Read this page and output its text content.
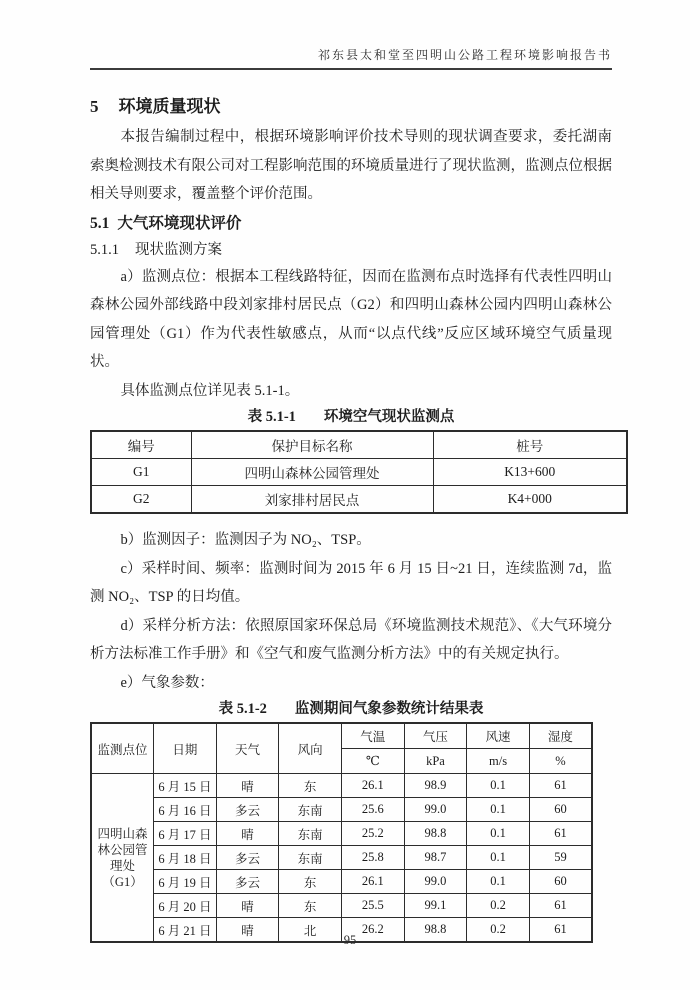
祁东县太和堂至四明山公路工程环境影响报告书
5 环境质量现状

本报告编制过程中，根据环境影响评价技术导则的现状调查要求，委托湖南索奥检测技术有限公司对工程影响范围的环境质量进行了现状监测，监测点位根据相关导则要求，覆盖整个评价范围。

5.1 大气环境现状评价
5.1.1 现状监测方案

a）监测点位：根据本工程线路特征，因而在监测布点时选择有代表性四明山森林公园外部线路中段刘家排村居民点（G2）和四明山森林公园内四明山森林公园管理处（G1）作为代表性敏感点，从而“以点代线”反应区域环境空气质量现状。

具体监测点位详见表 5.1-1。

表 5.1-1 环境空气现状监测点

编号	保护目标名称	桩号
G1	四明山森林公园管理处	K13+600
G2	刘家排村居民点	K4+000

b）监测因子：监测因子为 NO₂、TSP。

c）采样时间、频率：监测时间为 2015 年 6 月 15 日~21 日，连续监测 7d，监测 NO₂、TSP 的日均值。

d）采样分析方法：依照原国家环保总局《环境监测技术规范》、《大气环境分析方法标准工作手册》和《空气和废气监测分析方法》中的有关规定执行。

e）气象参数：

表 5.1-2 监测期间气象参数统计结果表

监测点位	日期	天气	风向	气温	气压	风速	湿度
				℃	kPa	m/s	%
四明山森林公园管理处（G1）	6 月 15 日	晴	东	26.1	98.9	0.1	61
	6 月 16 日	多云	东南	25.6	99.0	0.1	60
	6 月 17 日	晴	东南	25.2	98.8	0.1	61
	6 月 18 日	多云	东南	25.8	98.7	0.1	59
	6 月 19 日	多云	东	26.1	99.0	0.1	60
	6 月 20 日	晴	东	25.5	99.1	0.2	61
	6 月 21 日	晴	北	26.2	98.8	0.2	61
95
